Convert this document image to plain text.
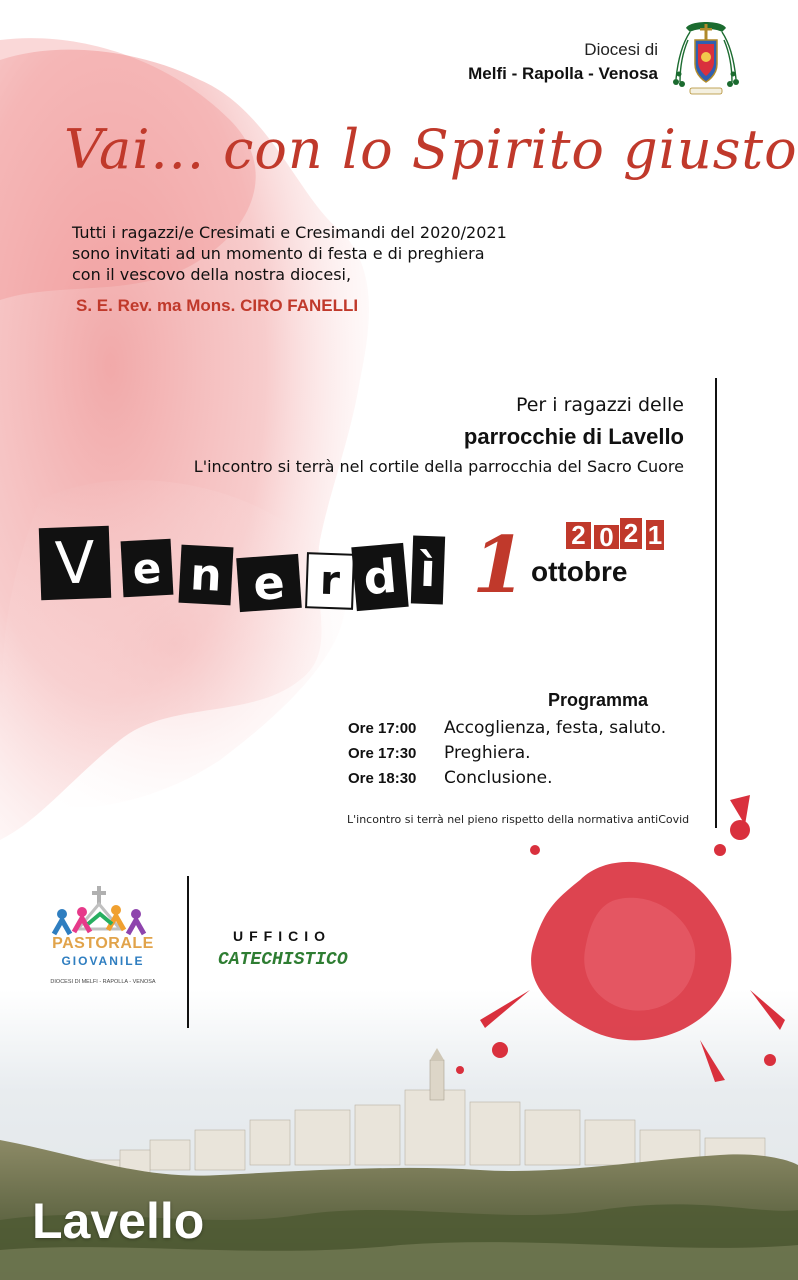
Diocesi di
Melfi - Rapolla - Venosa
Vai... con lo Spirito giusto
Tutti i ragazzi/e Cresimati e Cresimandi del 2020/2021
sono invitati ad un momento di festa e di preghiera
con il vescovo della nostra diocesi,
S. E. Rev. ma Mons. CIRO FANELLI
Per i ragazzi delle
parrocchie di Lavello
L'incontro si terrà nel cortile della parrocchia del Sacro Cuore
V e n e r d ì 1 2 0 2 1
ottobre
Programma
Ore 17:00	Accoglienza, festa, saluto.
Ore 17:30	Preghiera.
Ore 18:30	Conclusione.
L'incontro si terrà nel pieno rispetto della normativa antiCovid
PASTORALE
GIOVANILE
DIOCESI DI MELFI - RAPOLLA - VENOSA
UFFICIO
CATECHISTICO
Lavello
